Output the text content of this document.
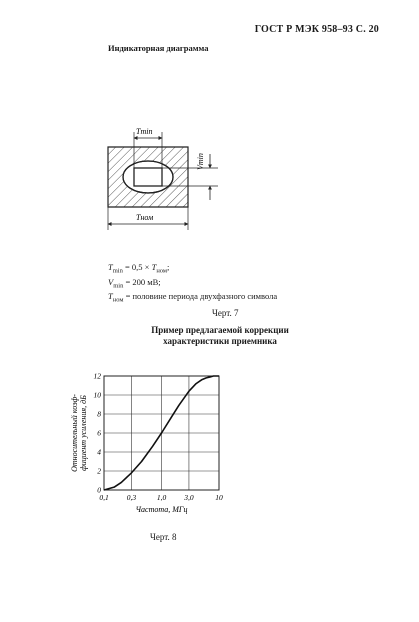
ГОСТ Р МЭК 958–93 С. 20
Индикаторная диаграмма
Tmin
Vmin
Tном
$T_{min} = 0,5 \times T_{ном}$;
$V_{min} = 200$ мВ;
$T_{ном}$ = половине периода двухфазного символа
Черт. 7
Пример предлагаемой коррекции
характеристики приемника
0,1 0,3	1,0 3,0	10
0
2
4
6
8
10
12
Частота, МГц
Относительный коэф- фициент усиления, дБ
Черт. 8
